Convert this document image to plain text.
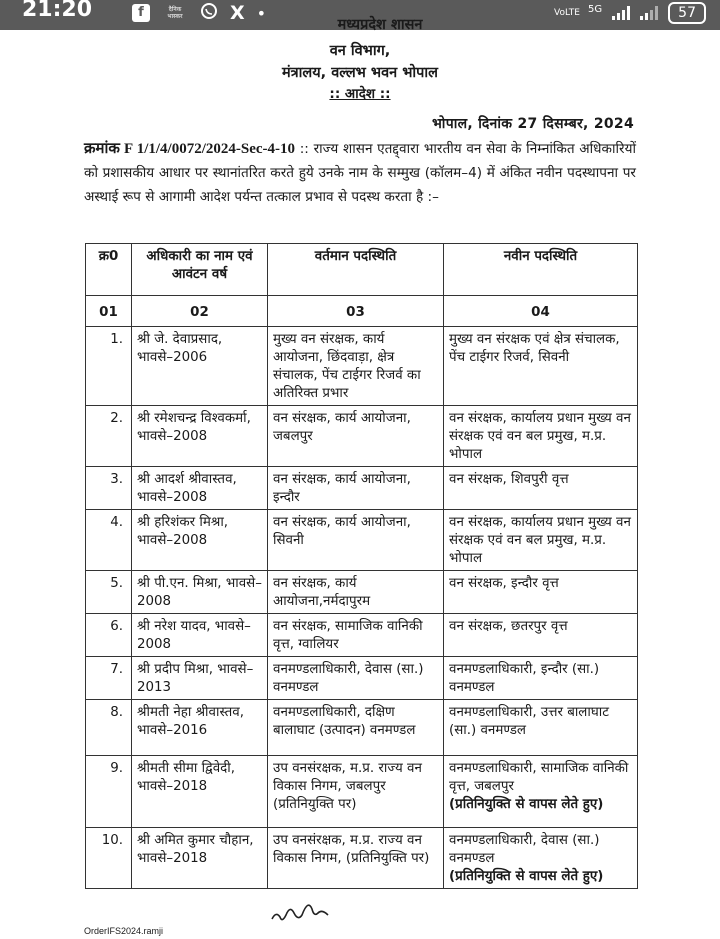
21:20	f	दैनिक भास्कर X •	VoLTE 5G	57
मध्यप्रदेश शासन
वन विभाग,
मंत्रालय, वल्लभ भवन भोपाल
:: आदेश ::
भोपाल, दिनांक 27 दिसम्बर, 2024
क्रमांक F 1/1/4/0072/2024-Sec-4-10 :: राज्य शासन एतद्द्वारा भारतीय वन सेवा के निम्नांकित अधिकारियों को प्रशासकीय आधार पर स्थानांतरित करते हुये उनके नाम के सम्मुख (कॉलम–4) में अंकित नवीन पदस्थापना पर अस्थाई रूप से आगामी आदेश पर्यन्त तत्काल प्रभाव से पदस्थ करता है :–
क्र0	अधिकारी का नाम एवं आवंटन वर्ष	वर्तमान पदस्थिति	नवीन पदस्थिति
01	02	03	04
1.	श्री जे. देवाप्रसाद, भावसे–2006	मुख्य वन संरक्षक, कार्य आयोजना, छिंदवाड़ा, क्षेत्र संचालक, पेंच टाईगर रिजर्व का अतिरिक्त प्रभार	मुख्य वन संरक्षक एवं क्षेत्र संचालक, पेंच टाईगर रिजर्व, सिवनी
2.	श्री रमेशचन्द्र विश्वकर्मा, भावसे–2008	वन संरक्षक, कार्य आयोजना, जबलपुर	वन संरक्षक, कार्यालय प्रधान मुख्य वन संरक्षक एवं वन बल प्रमुख, म.प्र. भोपाल
3.	श्री आदर्श श्रीवास्तव, भावसे–2008	वन संरक्षक, कार्य आयोजना, इन्दौर	वन संरक्षक, शिवपुरी वृत्त
4.	श्री हरिशंकर मिश्रा, भावसे–2008	वन संरक्षक, कार्य आयोजना, सिवनी	वन संरक्षक, कार्यालय प्रधान मुख्य वन संरक्षक एवं वन बल प्रमुख, म.प्र. भोपाल
5.	श्री पी.एन. मिश्रा, भावसे–2008	वन संरक्षक, कार्य आयोजना,नर्मदापुरम	वन संरक्षक, इन्दौर वृत्त
6.	श्री नरेश यादव, भावसे–2008	वन संरक्षक, सामाजिक वानिकी वृत्त, ग्वालियर	वन संरक्षक, छतरपुर वृत्त
7.	श्री प्रदीप मिश्रा, भावसे–2013	वनमण्डलाधिकारी, देवास (सा.) वनमण्डल	वनमण्डलाधिकारी, इन्दौर (सा.) वनमण्डल
8.	श्रीमती नेहा श्रीवास्तव, भावसे–2016	वनमण्डलाधिकारी, दक्षिण बालाघाट (उत्पादन) वनमण्डल	वनमण्डलाधिकारी, उत्तर बालाघाट (सा.) वनमण्डल
9.	श्रीमती सीमा द्विवेदी, भावसे–2018	उप वनसंरक्षक, म.प्र. राज्य वन विकास निगम, जबलपुर (प्रतिनियुक्ति पर)	वनमण्डलाधिकारी, सामाजिक वानिकी वृत्त, जबलपुर
(प्रतिनियुक्ति से वापस लेते हुए)

10.	श्री अमित कुमार चौहान, भावसे–2018	उप वनसंरक्षक, म.प्र. राज्य वन विकास निगम, (प्रतिनियुक्ति पर)	वनमण्डलाधिकारी, देवास (सा.) वनमण्डल
(प्रतिनियुक्ति से वापस लेते हुए)
OrderIFS2024.ramji
